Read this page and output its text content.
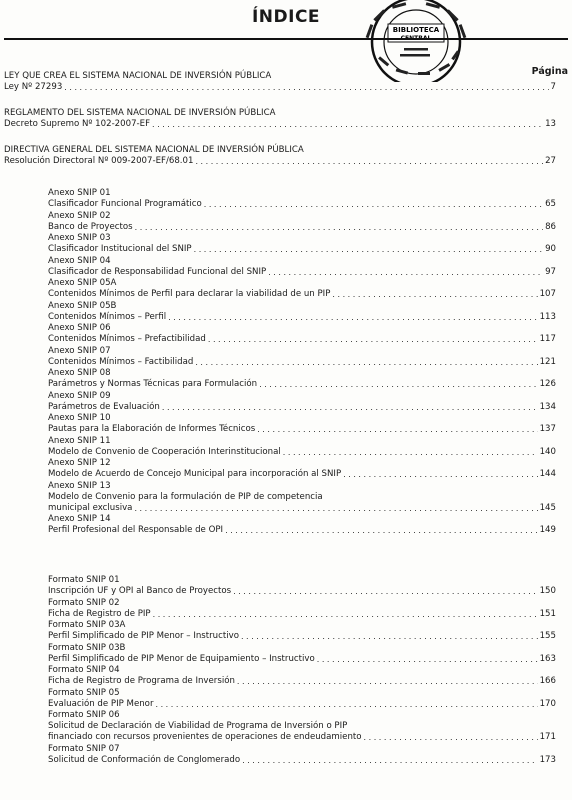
ÍNDICE
BIBLIOTECA
Página
LEY QUE CREA EL SISTEMA NACIONAL DE INVERSIÓN PÚBLICA
Ley Nº 27293 . . .	7
REGLAMENTO DEL SISTEMA NACIONAL DE INVERSIÓN PÚBLICA
Decreto Supremo Nº 102-2007-EF . . .	13
DIRECTIVA GENERAL DEL SISTEMA NACIONAL DE INVERSIÓN PÚBLICA
Resolución Directoral Nº 009-2007-EF/68.01 . . .	27
Anexo SNIP 01
Clasificador Funcional Programático . . .	65
Anexo SNIP 02
Banco de Proyectos . . .	86
Anexo SNIP 03
Clasificador Institucional del SNIP . . .	90
Anexo SNIP 04
Clasificador de Responsabilidad Funcional del SNIP . . .	97
Anexo SNIP 05A
Contenidos Mínimos de Perfil para declarar la viabilidad de un PIP . . .	107
Anexo SNIP 05B
Contenidos Mínimos – Perfil . . .	113
Anexo SNIP 06
Contenidos Mínimos – Prefactibilidad . . .	117
Anexo SNIP 07
Contenidos Mínimos – Factibilidad . . .	121
Anexo SNIP 08
Parámetros y Normas Técnicas para Formulación . . .	126
Anexo SNIP 09
Parámetros de Evaluación . . .	134
Anexo SNIP 10
Pautas para la Elaboración de Informes Técnicos . . .	137
Anexo SNIP 11
Modelo de Convenio de Cooperación Interinstitucional . . .	140
Anexo SNIP 12
Modelo de Acuerdo de Concejo Municipal para incorporación al SNIP . . .	144
Anexo SNIP 13
Modelo de Convenio para la formulación de PIP de competencia
municipal exclusiva . . .	145
Anexo SNIP 14
Perfil Profesional del Responsable de OPI . . .	149
Formato SNIP 01
Inscripción UF y OPI al Banco de Proyectos . . .	150
Formato SNIP 02
Ficha de Registro de PIP . . .	151
Formato SNIP 03A
Perfil Simplificado de PIP Menor – Instructivo . . .	155
Formato SNIP 03B
Perfil Simplificado de PIP Menor de Equipamiento – Instructivo . . .	163
Formato SNIP 04
Ficha de Registro de Programa de Inversión . . .	166
Formato SNIP 05
Evaluación de PIP Menor . . .	170
Formato SNIP 06
Solicitud de Declaración de Viabilidad de Programa de Inversión o PIP
financiado con recursos provenientes de operaciones de endeudamiento . . .	171
Formato SNIP 07
Solicitud de Conformación de Conglomerado . . .	173
